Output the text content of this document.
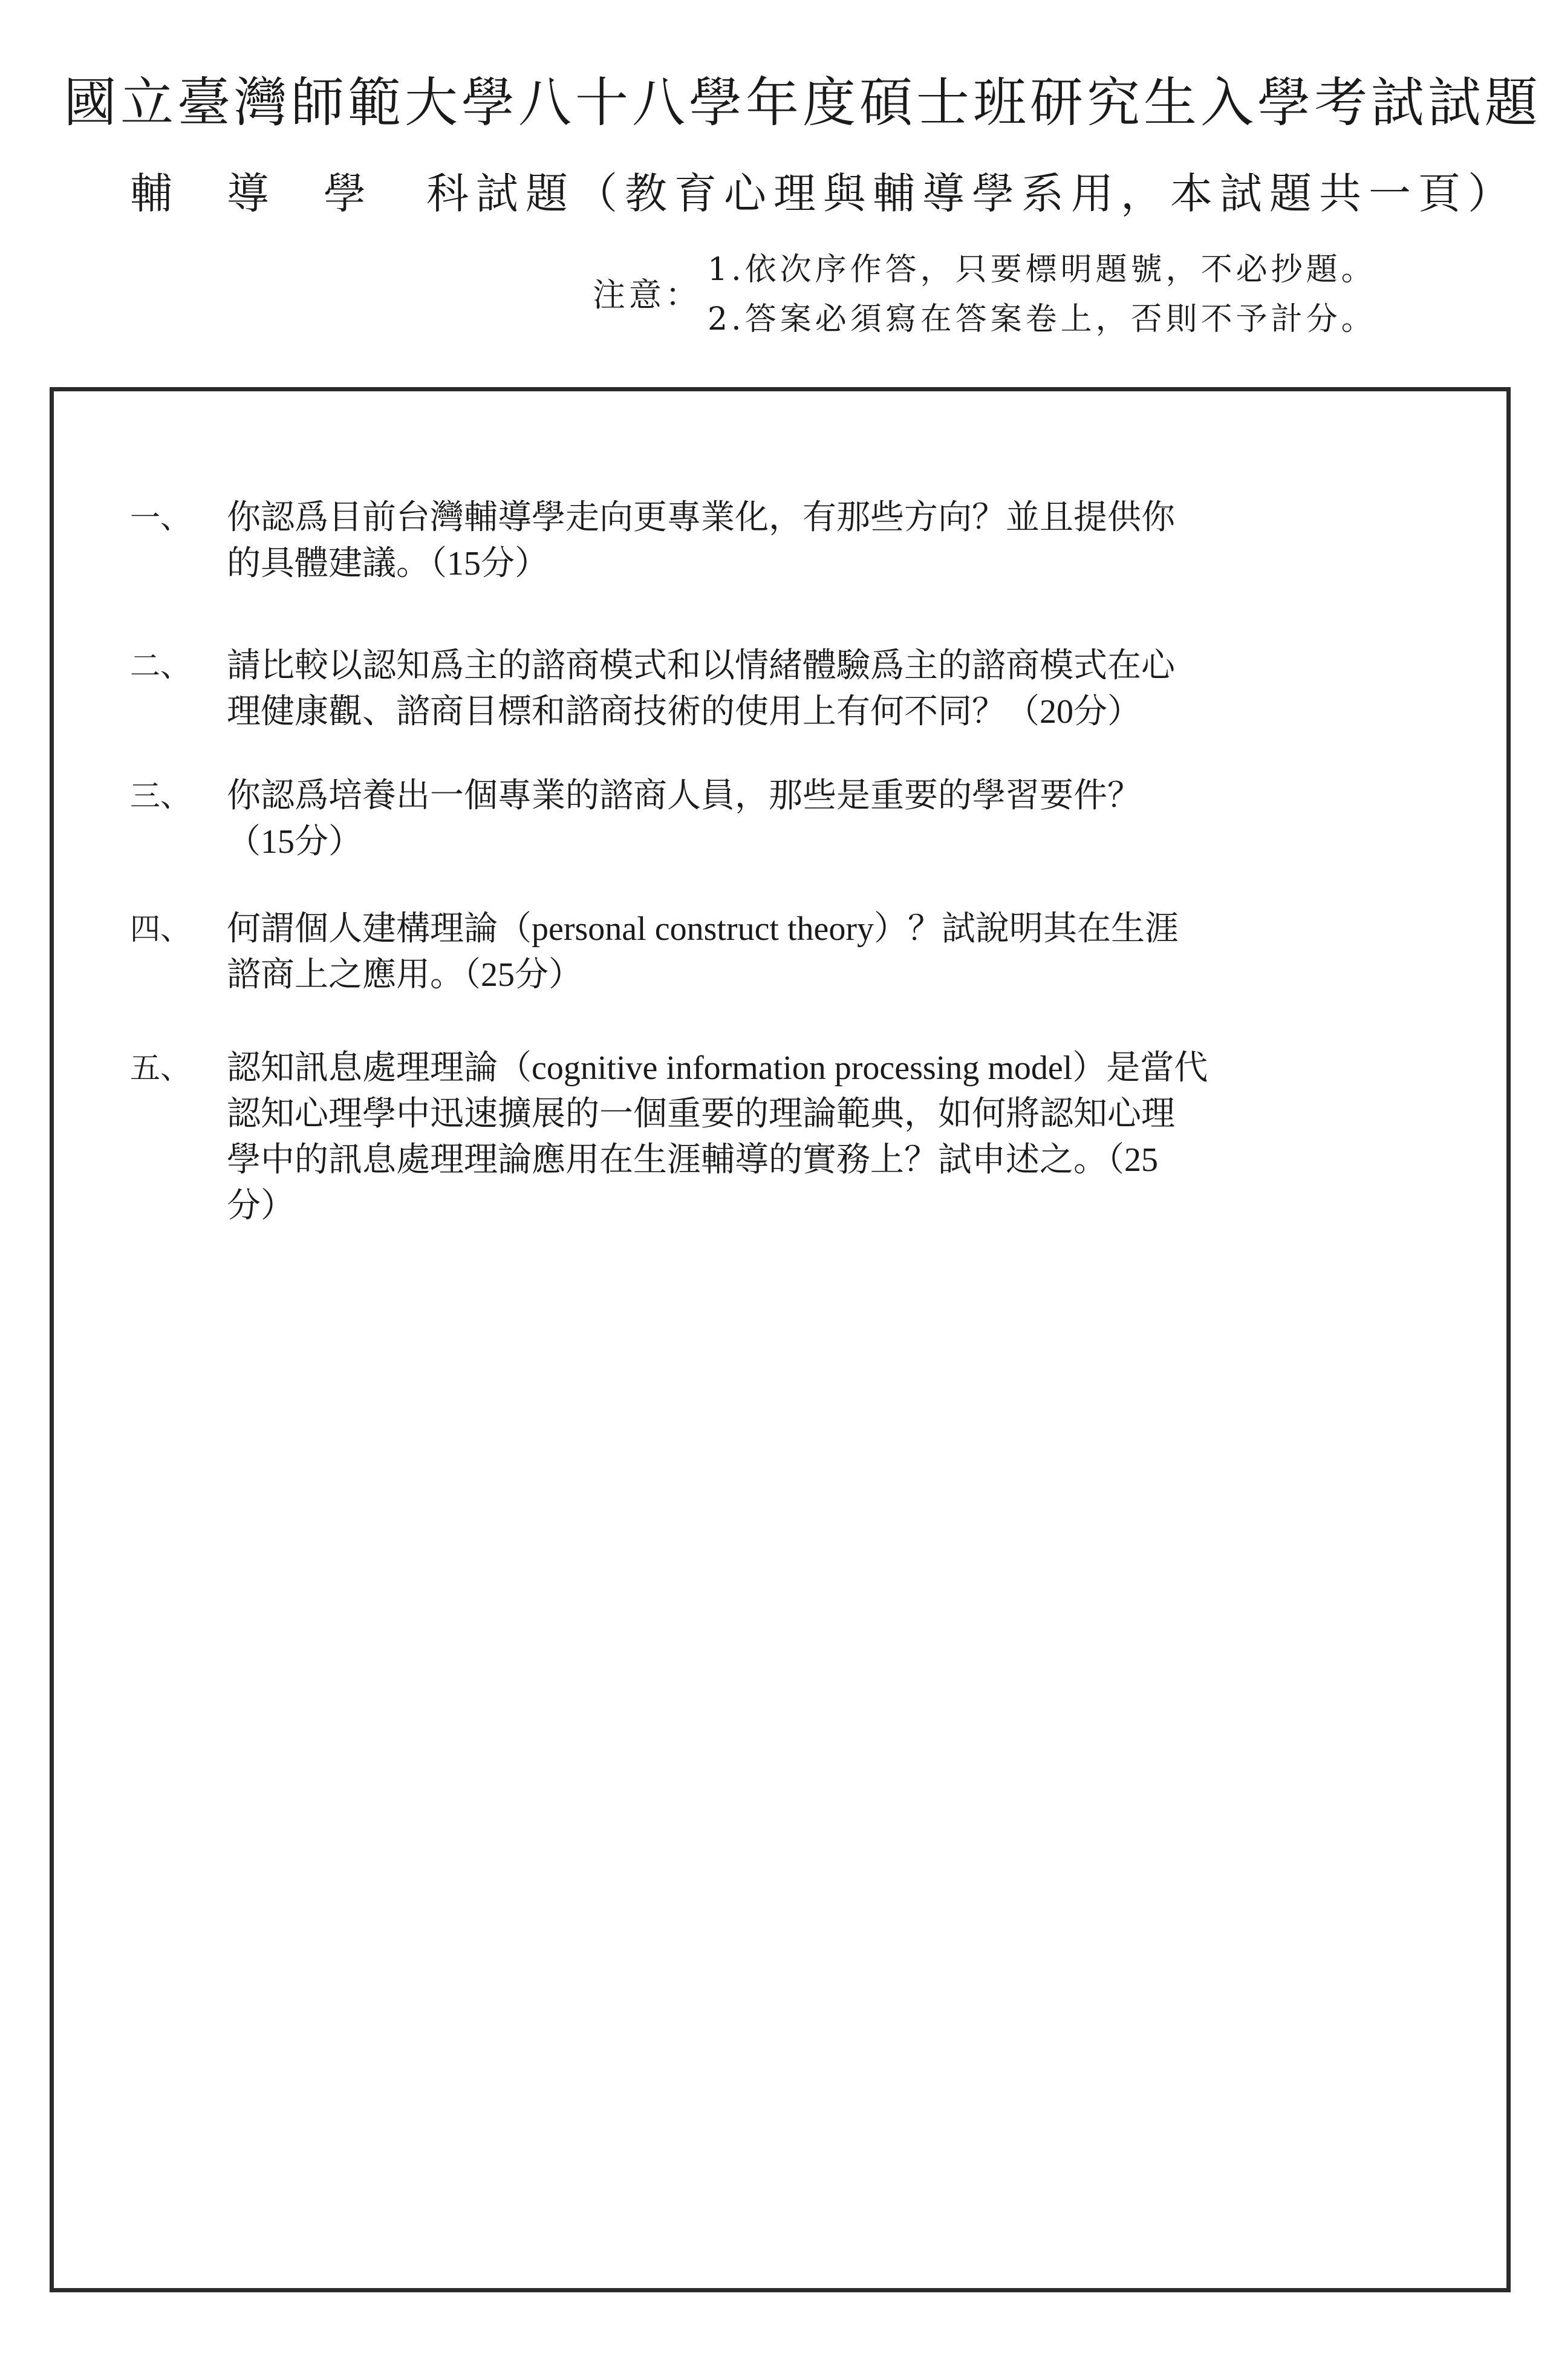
國立臺灣師範大學八十八學年度碩士班研究生入學考試試題
輔導學 科試題（教育心理與輔導學系用，本試題共一頁）
注意：
1.依次序作答，只要標明題號，不必抄題。
2.答案必須寫在答案卷上，否則不予計分。
一、	你認爲目前台灣輔導學走向更專業化，有那些方向？並且提供你
的具體建議。（15分）
二、	請比較以認知爲主的諮商模式和以情緒體驗爲主的諮商模式在心
理健康觀、諮商目標和諮商技術的使用上有何不同？（20分）
三、	你認爲培養出一個專業的諮商人員，那些是重要的學習要件？
（15分）
四、	何謂個人建構理論（personal construct theory）？試說明其在生涯
諮商上之應用。（25分）
五、	認知訊息處理理論（cognitive information processing model）是當代
認知心理學中迅速擴展的一個重要的理論範典，如何將認知心理
學中的訊息處理理論應用在生涯輔導的實務上？試申述之。（25
分）
